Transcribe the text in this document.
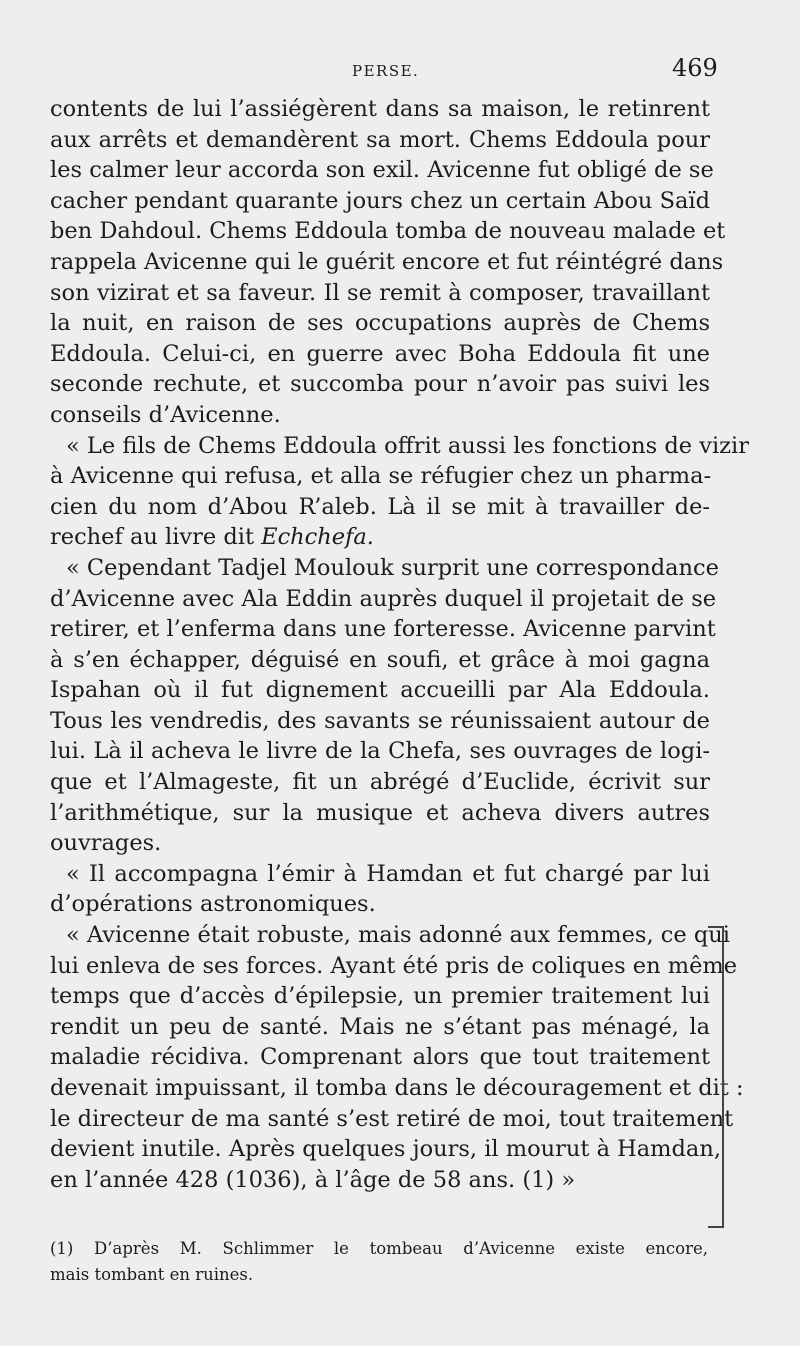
PERSE.	469
contents de lui l’assiégèrent dans sa maison, le retinrent
aux arrêts et demandèrent sa mort. Chems Eddoula pour
les calmer leur accorda son exil. Avicenne fut obligé de se
cacher pendant quarante jours chez un certain Abou Saïd
ben Dahdoul. Chems Eddoula tomba de nouveau malade et
rappela Avicenne qui le guérit encore et fut réintégré dans
son vizirat et sa faveur. Il se remit à composer, travaillant
la nuit, en raison de ses occupations auprès de Chems
Eddoula. Celui-ci, en guerre avec Boha Eddoula fit une
seconde rechute, et succomba pour n’avoir pas suivi les
conseils d’Avicenne.
« Le fils de Chems Eddoula offrit aussi les fonctions de vizir
à Avicenne qui refusa, et alla se réfugier chez un pharma-
cien du nom d’Abou R’aleb. Là il se mit à travailler de-
rechef au livre dit Echchefa.
« Cependant Tadjel Moulouk surprit une correspondance
d’Avicenne avec Ala Eddin auprès duquel il projetait de se
retirer, et l’enferma dans une forteresse. Avicenne parvint
à s’en échapper, déguisé en soufi, et grâce à moi gagna
Ispahan où il fut dignement accueilli par Ala Eddoula.
Tous les vendredis, des savants se réunissaient autour de
lui. Là il acheva le livre de la Chefa, ses ouvrages de logi-
que et l’Almageste, fit un abrégé d’Euclide, écrivit sur
l’arithmétique, sur la musique et acheva divers autres
ouvrages.
« Il accompagna l’émir à Hamdan et fut chargé par lui
d’opérations astronomiques.
« Avicenne était robuste, mais adonné aux femmes, ce qui
lui enleva de ses forces. Ayant été pris de coliques en même
temps que d’accès d’épilepsie, un premier traitement lui
rendit un peu de santé. Mais ne s’étant pas ménagé, la
maladie récidiva. Comprenant alors que tout traitement
devenait impuissant, il tomba dans le découragement et dit :
le directeur de ma santé s’est retiré de moi, tout traitement
devient inutile. Après quelques jours, il mourut à Hamdan,
en l’année 428 (1036), à l’âge de 58 ans. (1) »
(1) D’après M. Schlimmer le tombeau d’Avicenne existe encore,
mais tombant en ruines.
